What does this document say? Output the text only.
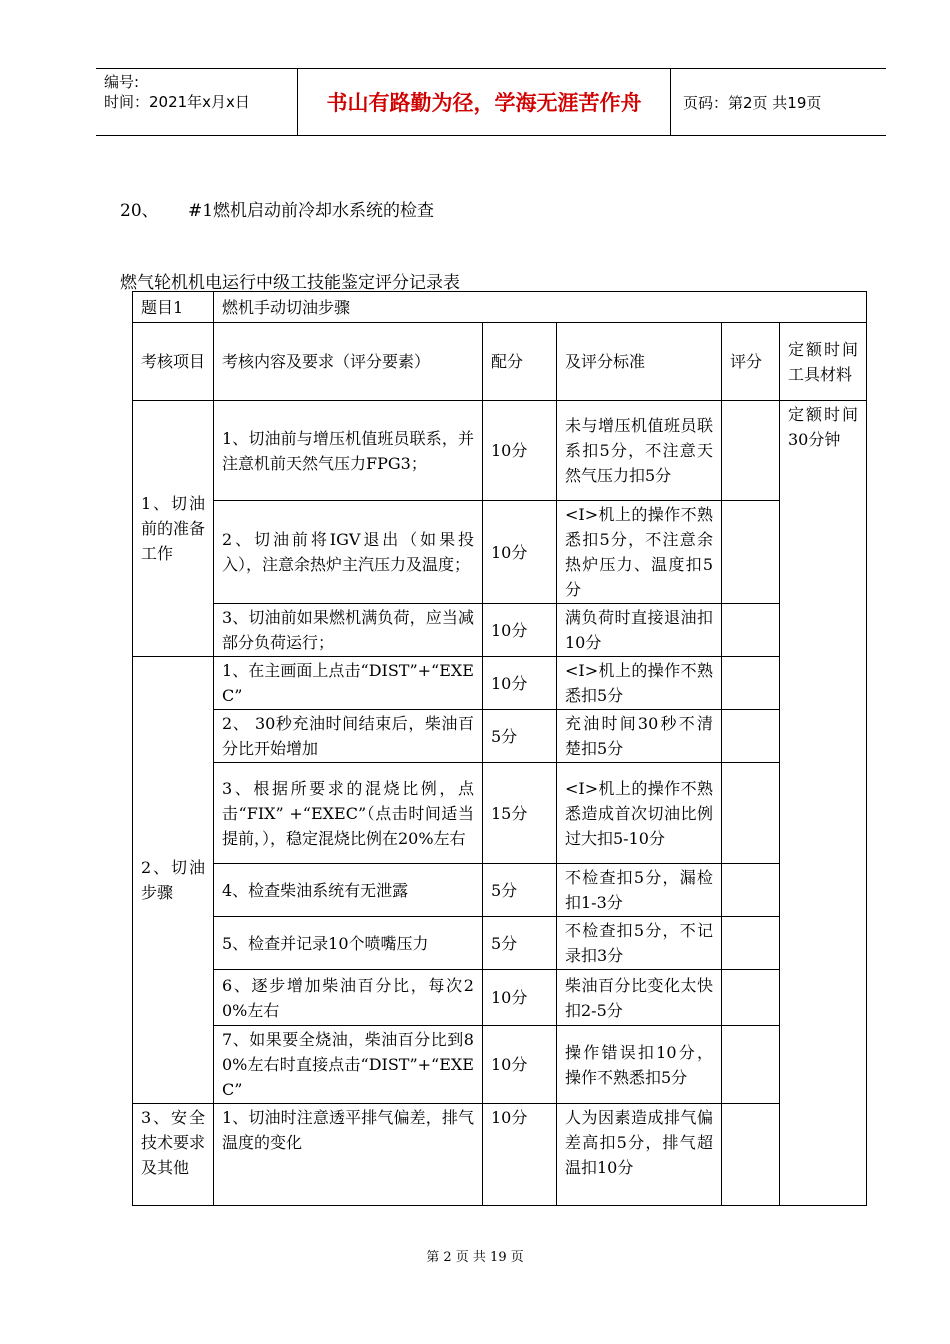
编号:
时间：2021年x月x日	书山有路勤为径，学海无涯苦作舟	页码：第2页 共19页
20、 #1燃机启动前冷却水系统的检查
燃气轮机机电运行中级工技能鉴定评分记录表
题目1	燃机手动切油步骤				
考核项目	考核内容及要求（评分要素）	配分	及评分标准	评分	定额时间工具材料
1、切油前的准备工作	1、切油前与增压机值班员联系，并注意机前天然气压力FPG3；	10分	未与增压机值班员联系扣5分，不注意天然气压力扣5分		定额时间30分钟
	2、切油前将IGV退出（如果投入），注意余热炉主汽压力及温度；	10分	<I>机上的操作不熟悉扣5分，不注意余热炉压力、温度扣5分		
	3、切油前如果燃机满负荷，应当减部分负荷运行；	10分	满负荷时直接退油扣10分		
2、切油步骤	1、在主画面上点击“DIST”+“EXEC”	10分	<I>机上的操作不熟悉扣5分		
	2、 30秒充油时间结束后，柴油百分比开始增加	5分	充油时间30秒不清楚扣5分		
	3、根据所要求的混烧比例，点击“FIX” +“EXEC”（点击时间适当提前，），稳定混烧比例在20%左右	15分	<I>机上的操作不熟悉造成首次切油比例过大扣5-10分		
	4、检查柴油系统有无泄露	5分	不检查扣5分，漏检扣1-3分		
	5、检查并记录10个喷嘴压力	5分	不检查扣5分，不记录扣3分		
	6、逐步增加柴油百分比，每次20%左右	10分	柴油百分比变化太快扣2-5分		
	7、如果要全烧油，柴油百分比到80%左右时直接点击“DIST”+“EXEC”	10分	操作错误扣10分，操作不熟悉扣5分		
3、安全技术要求及其他	1、切油时注意透平排气偏差，排气温度的变化	10分	人为因素造成排气偏差高扣5分，排气超温扣10分		
第 2 页 共 19 页
